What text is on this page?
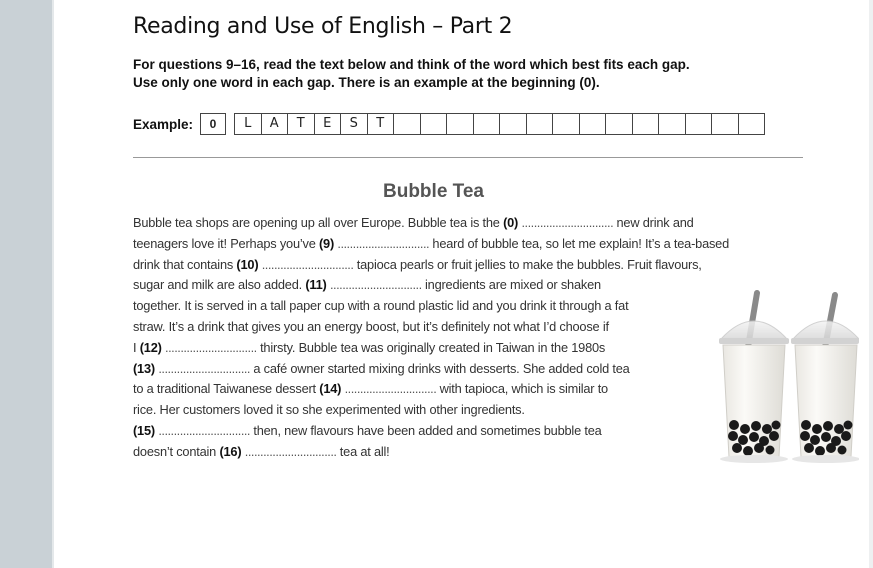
Reading and Use of English – Part 2
For questions 9–16, read the text below and think of the word which best fits each gap.
Use only one word in each gap. There is an example at the beginning (0).
Example:	0	L	A	T	E	S	T
Bubble Tea
Bubble tea shops are opening up all over Europe. Bubble tea is the (0) .............................. new drink and
teenagers love it! Perhaps you’ve (9) .............................. heard of bubble tea, so let me explain! It’s a tea-based
drink that contains (10) .............................. tapioca pearls or fruit jellies to make the bubbles. Fruit flavours,
sugar and milk are also added. (11) .............................. ingredients are mixed or shaken
together. It is served in a tall paper cup with a round plastic lid and you drink it through a fat
straw. It’s a drink that gives you an energy boost, but it’s definitely not what I’d choose if
I (12) .............................. thirsty. Bubble tea was originally created in Taiwan in the 1980s
(13) .............................. a café owner started mixing drinks with desserts. She added cold tea
to a traditional Taiwanese dessert (14) .............................. with tapioca, which is similar to
rice. Her customers loved it so she experimented with other ingredients.
(15) .............................. then, new flavours have been added and sometimes bubble tea
doesn’t contain (16) .............................. tea at all!
